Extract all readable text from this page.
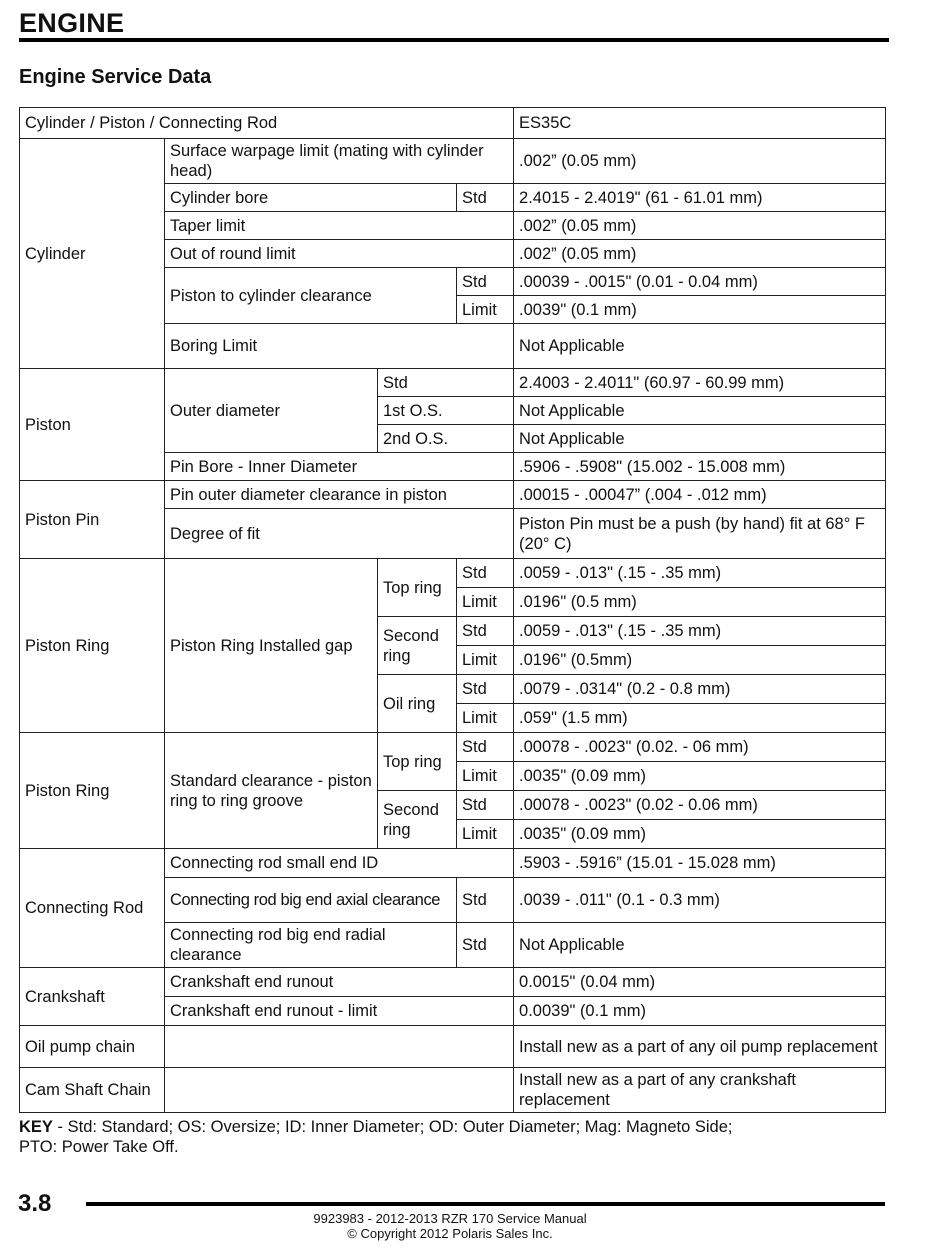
ENGINE
Engine Service Data
Cylinder / Piston / Connecting Rod				ES35C
Cylinder	Surface warpage limit (mating with cylinder head)			.002” (0.05 mm)
	Cylinder bore		Std	2.4015 - 2.4019" (61 - 61.01 mm)
	Taper limit			.002” (0.05 mm)
	Out of round limit			.002” (0.05 mm)
	Piston to cylinder clearance		Std	.00039 - .0015" (0.01 - 0.04 mm)
			Limit	.0039" (0.1 mm)
	Boring Limit			Not Applicable
Piston	Outer diameter	Std		2.4003 - 2.4011" (60.97 - 60.99 mm)
		1st O.S.		Not Applicable
		2nd O.S.		Not Applicable
	Pin Bore - Inner Diameter			.5906 - .5908" (15.002 - 15.008 mm)
Piston Pin	Pin outer diameter clearance in piston			.00015 - .00047” (.004 - .012 mm)
	Degree of fit			Piston Pin must be a push (by hand) fit at 68° F (20° C)
Piston Ring	Piston Ring Installed gap	Top ring	Std	.0059 - .013" (.15 - .35 mm)
			Limit	.0196" (0.5 mm)
		Second ring	Std	.0059 - .013" (.15 - .35 mm)
			Limit	.0196" (0.5mm)
		Oil ring	Std	.0079 - .0314" (0.2 - 0.8 mm)
			Limit	.059" (1.5 mm)
Piston Ring	Standard clearance - piston ring to ring groove	Top ring	Std	.00078 - .0023" (0.02. - 06 mm)
			Limit	.0035" (0.09 mm)
		Second ring	Std	.00078 - .0023" (0.02 - 0.06 mm)
			Limit	.0035" (0.09 mm)
Connecting Rod	Connecting rod small end ID			.5903 - .5916” (15.01 - 15.028 mm)
	Connecting rod big end axial clearance		Std	.0039 - .011" (0.1 - 0.3 mm)
	Connecting rod big end radial clearance		Std	Not Applicable
Crankshaft	Crankshaft end runout			0.0015" (0.04 mm)
	Crankshaft end runout - limit			0.0039" (0.1 mm)
Oil pump chain				Install new as a part of any oil pump replacement
Cam Shaft Chain				Install new as a part of any crankshaft replacement

KEY - Std: Standard; OS: Oversize; ID: Inner Diameter; OD: Outer Diameter; Mag: Magneto Side;
PTO: Power Take Off.

3.8
9923983 - 2012-2013 RZR 170 Service Manual
© Copyright 2012 Polaris Sales Inc.
